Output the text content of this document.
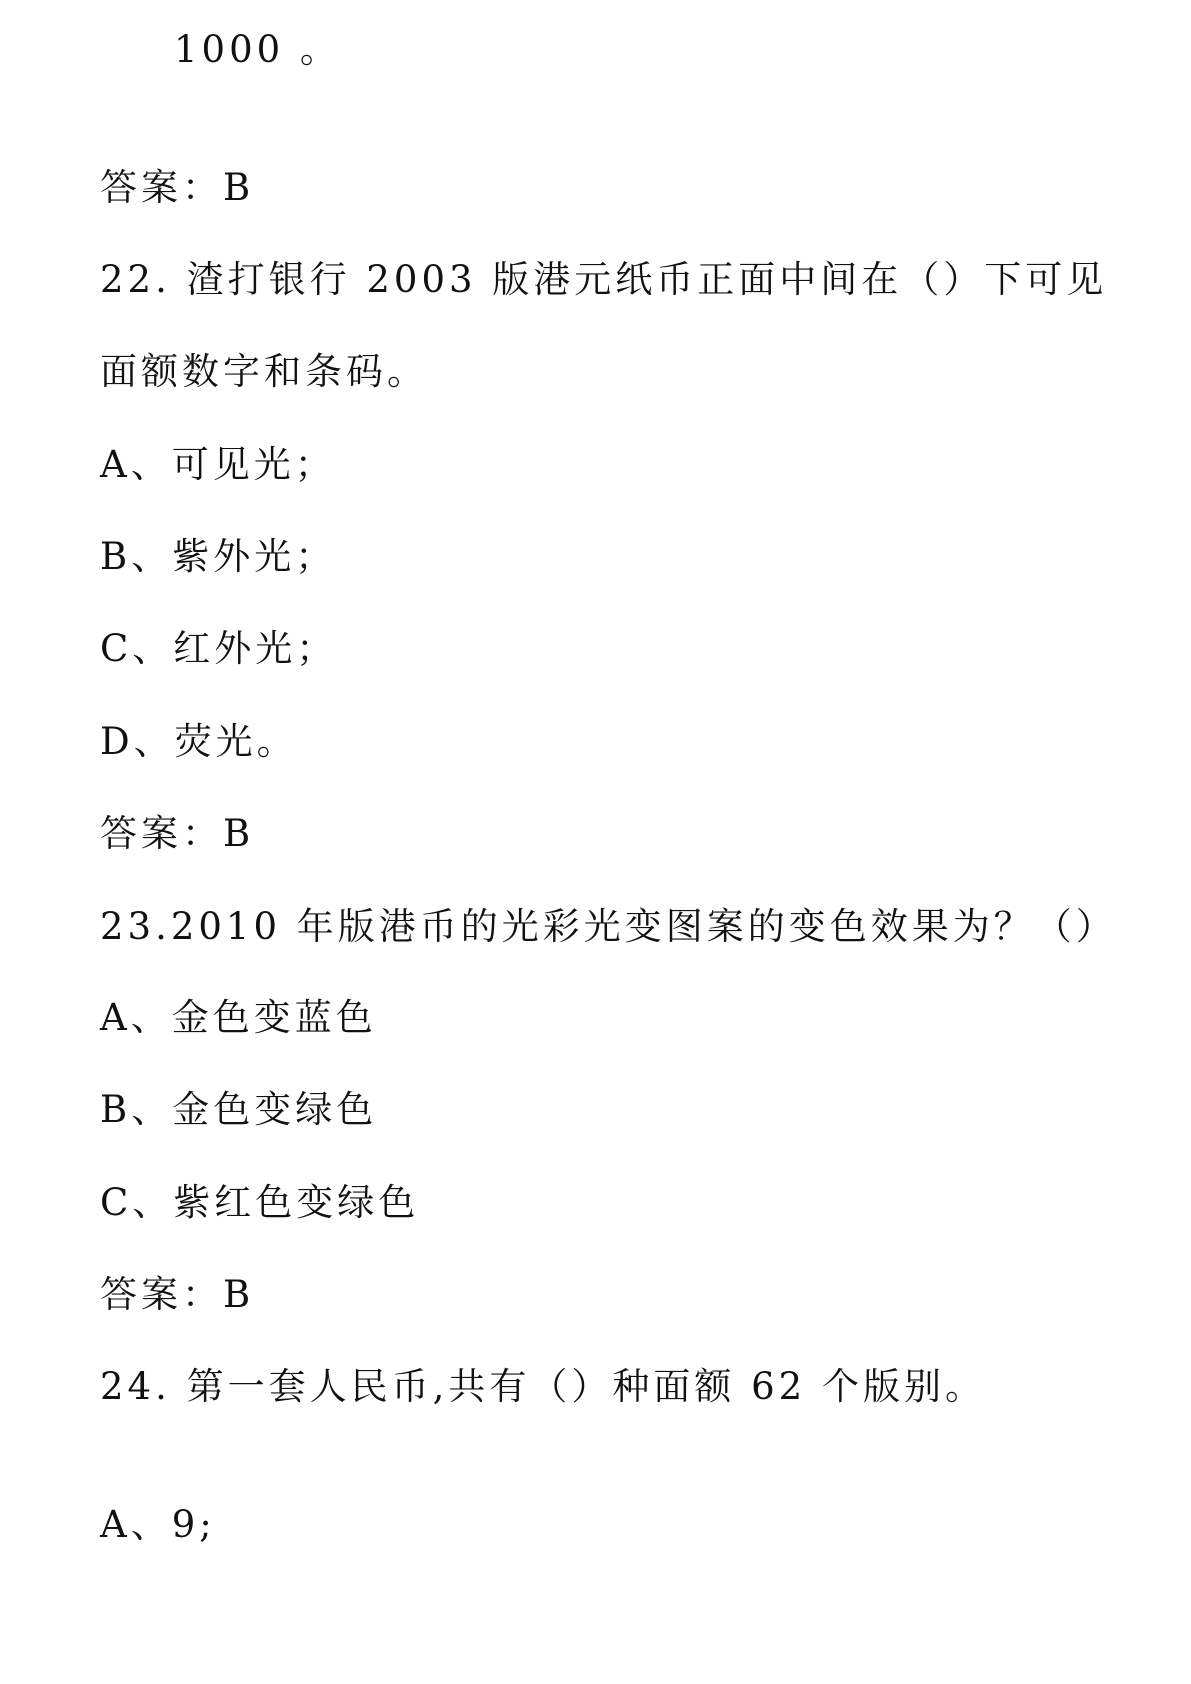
1000 。
答案：B
22. 渣打银行 2003 版港元纸币正面中间在（）下可见
面额数字和条码。
A、可见光；
B、紫外光；
C、红外光；
D、荧光。
答案：B
23.2010 年版港币的光彩光变图案的变色效果为？（）
A、金色变蓝色
B、金色变绿色
C、紫红色变绿色
答案：B
24. 第一套人民币,共有（）种面额 62 个版别。
A、9;
